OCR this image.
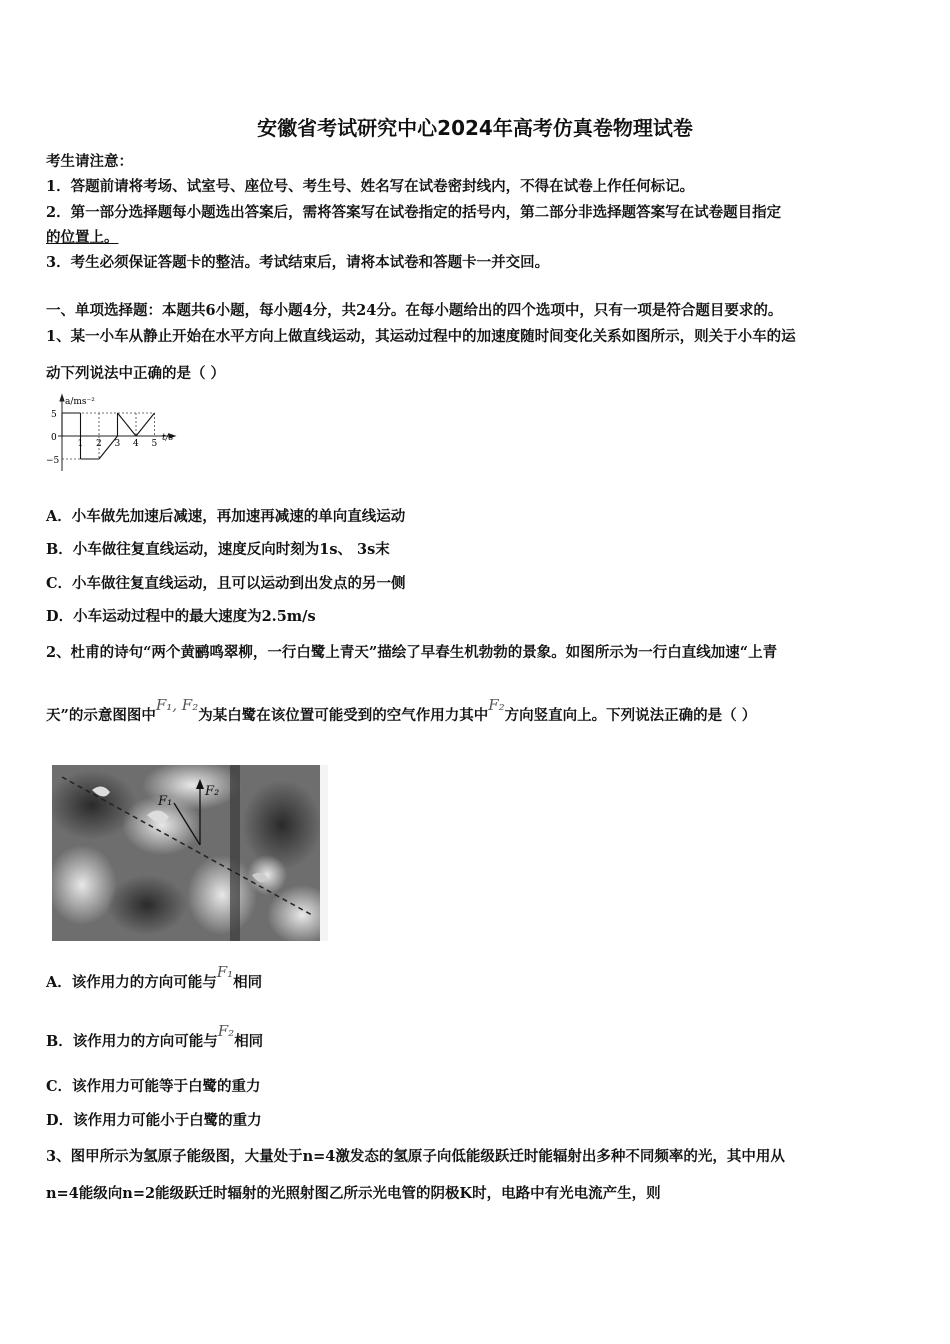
安徽省考试研究中心2024年高考仿真卷物理试卷
考生请注意：
1．答题前请将考场、试室号、座位号、考生号、姓名写在试卷密封线内，不得在试卷上作任何标记。
2．第一部分选择题每小题选出答案后，需将答案写在试卷指定的括号内，第二部分非选择题答案写在试卷题目指定
的位置上。
3．考生必须保证答题卡的整洁。考试结束后，请将本试卷和答题卡一并交回。
一、单项选择题：本题共6小题，每小题4分，共24分。在每小题给出的四个选项中，只有一项是符合题目要求的。
1、某一小车从静止开始在水平方向上做直线运动，其运动过程中的加速度随时间变化关系如图所示，则关于小车的运
动下列说法中正确的是（ ）
a/ms⁻²
t/s
5
0
−5
1 2 3 4 5
A．小车做先加速后减速，再加速再减速的单向直线运动
B．小车做往复直线运动，速度反向时刻为1s、 3s末
C．小车做往复直线运动，且可以运动到出发点的另一侧
D．小车运动过程中的最大速度为2.5m/s
2、杜甫的诗句“两个黄鹂鸣翠柳，一行白鹭上青天”描绘了早春生机勃勃的景象。如图所示为一行白直线加速“上青
天”的示意图图中F₁, F₂为某白鹭在该位置可能受到的空气作用力其中F₂方向竖直向上。下列说法正确的是（ ）
F₁
F₂
A．该作用力的方向可能与F₁相同
B．该作用力的方向可能与F₂相同
C．该作用力可能等于白鹭的重力
D．该作用力可能小于白鹭的重力
3、图甲所示为氢原子能级图，大量处于n=4激发态的氢原子向低能级跃迁时能辐射出多种不同频率的光，其中用从
n=4能级向n=2能级跃迁时辐射的光照射图乙所示光电管的阴极K时，电路中有光电流产生，则
